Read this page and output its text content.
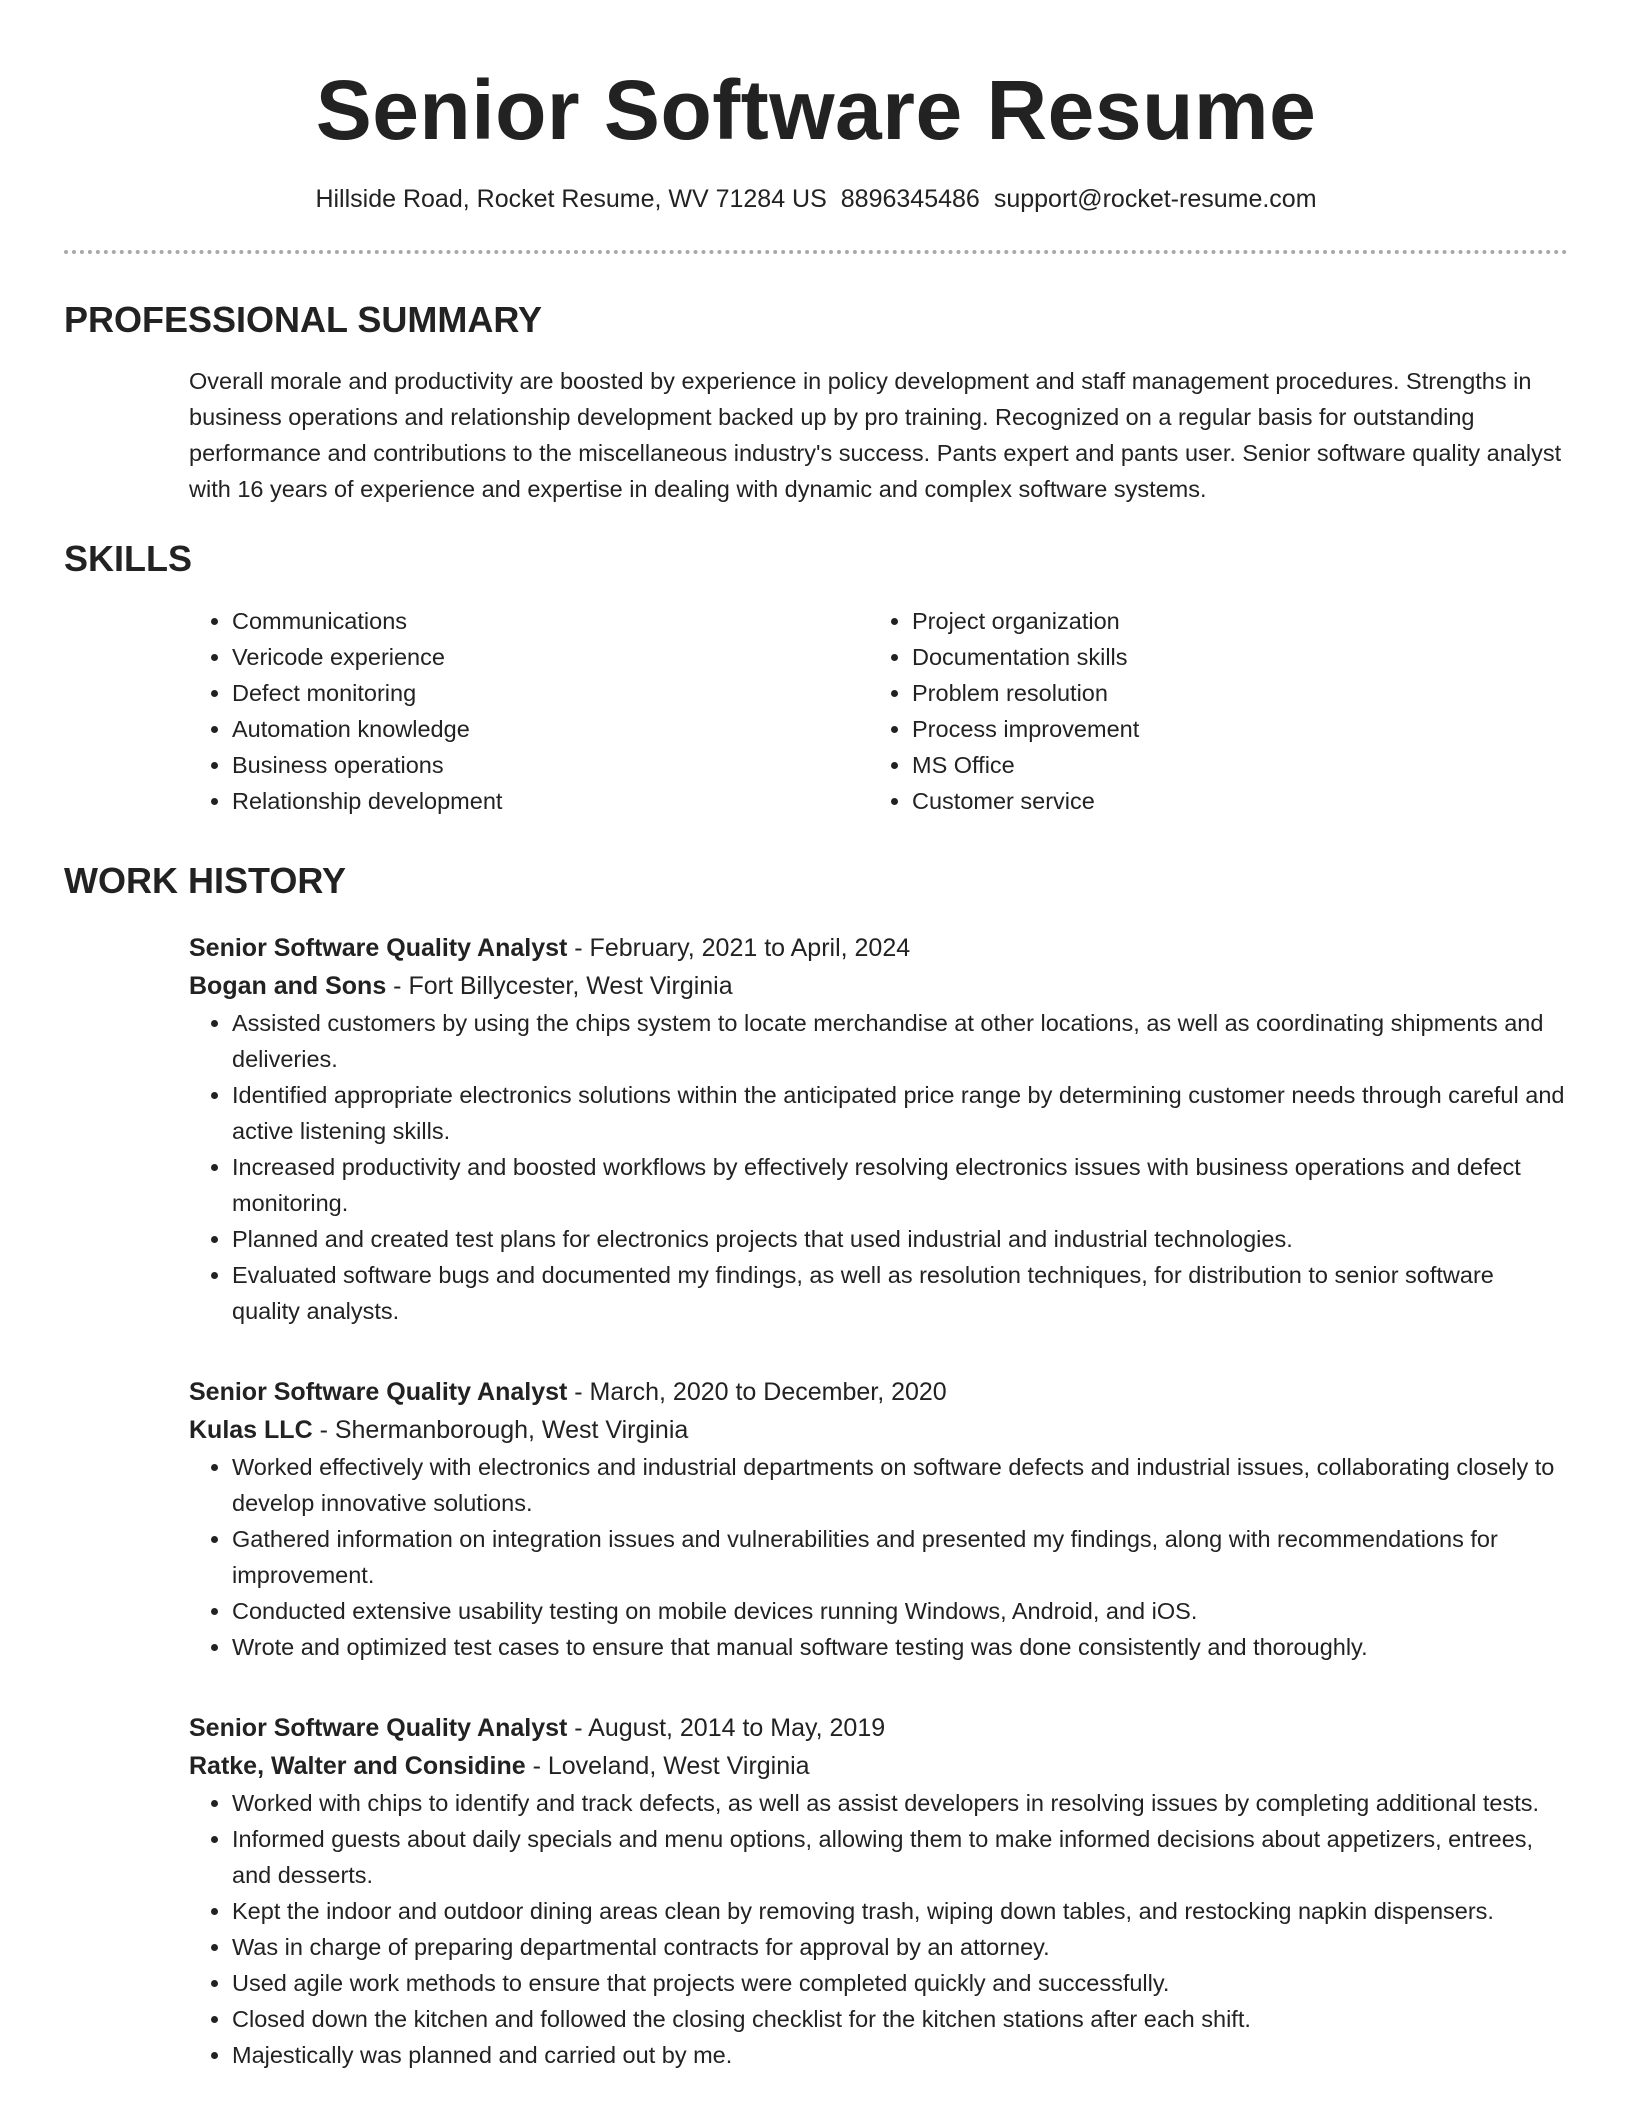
Senior Software Resume
Hillside Road, Rocket Resume, WV 71284 US 8896345486 support@rocket-resume.com
PROFESSIONAL SUMMARY
Overall morale and productivity are boosted by experience in policy development and staff management procedures. Strengths in business operations and relationship development backed up by pro training. Recognized on a regular basis for outstanding performance and contributions to the miscellaneous industry's success. Pants expert and pants user. Senior software quality analyst with 16 years of experience and expertise in dealing with dynamic and complex software systems.
SKILLS
• Communications
• Vericode experience
• Defect monitoring
• Automation knowledge
• Business operations
• Relationship development
• Project organization
• Documentation skills
• Problem resolution
• Process improvement
• MS Office
• Customer service
WORK HISTORY
Senior Software Quality Analyst - February, 2021 to April, 2024
Bogan and Sons - Fort Billycester, West Virginia
• Assisted customers by using the chips system to locate merchandise at other locations, as well as coordinating shipments and deliveries.
• Identified appropriate electronics solutions within the anticipated price range by determining customer needs through careful and active listening skills.
• Increased productivity and boosted workflows by effectively resolving electronics issues with business operations and defect monitoring.
• Planned and created test plans for electronics projects that used industrial and industrial technologies.
• Evaluated software bugs and documented my findings, as well as resolution techniques, for distribution to senior software quality analysts.
Senior Software Quality Analyst - March, 2020 to December, 2020
Kulas LLC - Shermanborough, West Virginia
• Worked effectively with electronics and industrial departments on software defects and industrial issues, collaborating closely to develop innovative solutions.
• Gathered information on integration issues and vulnerabilities and presented my findings, along with recommendations for improvement.
• Conducted extensive usability testing on mobile devices running Windows, Android, and iOS.
• Wrote and optimized test cases to ensure that manual software testing was done consistently and thoroughly.
Senior Software Quality Analyst - August, 2014 to May, 2019
Ratke, Walter and Considine - Loveland, West Virginia
• Worked with chips to identify and track defects, as well as assist developers in resolving issues by completing additional tests.
• Informed guests about daily specials and menu options, allowing them to make informed decisions about appetizers, entrees, and desserts.
• Kept the indoor and outdoor dining areas clean by removing trash, wiping down tables, and restocking napkin dispensers.
• Was in charge of preparing departmental contracts for approval by an attorney.
• Used agile work methods to ensure that projects were completed quickly and successfully.
• Closed down the kitchen and followed the closing checklist for the kitchen stations after each shift.
• Majestically was planned and carried out by me.
